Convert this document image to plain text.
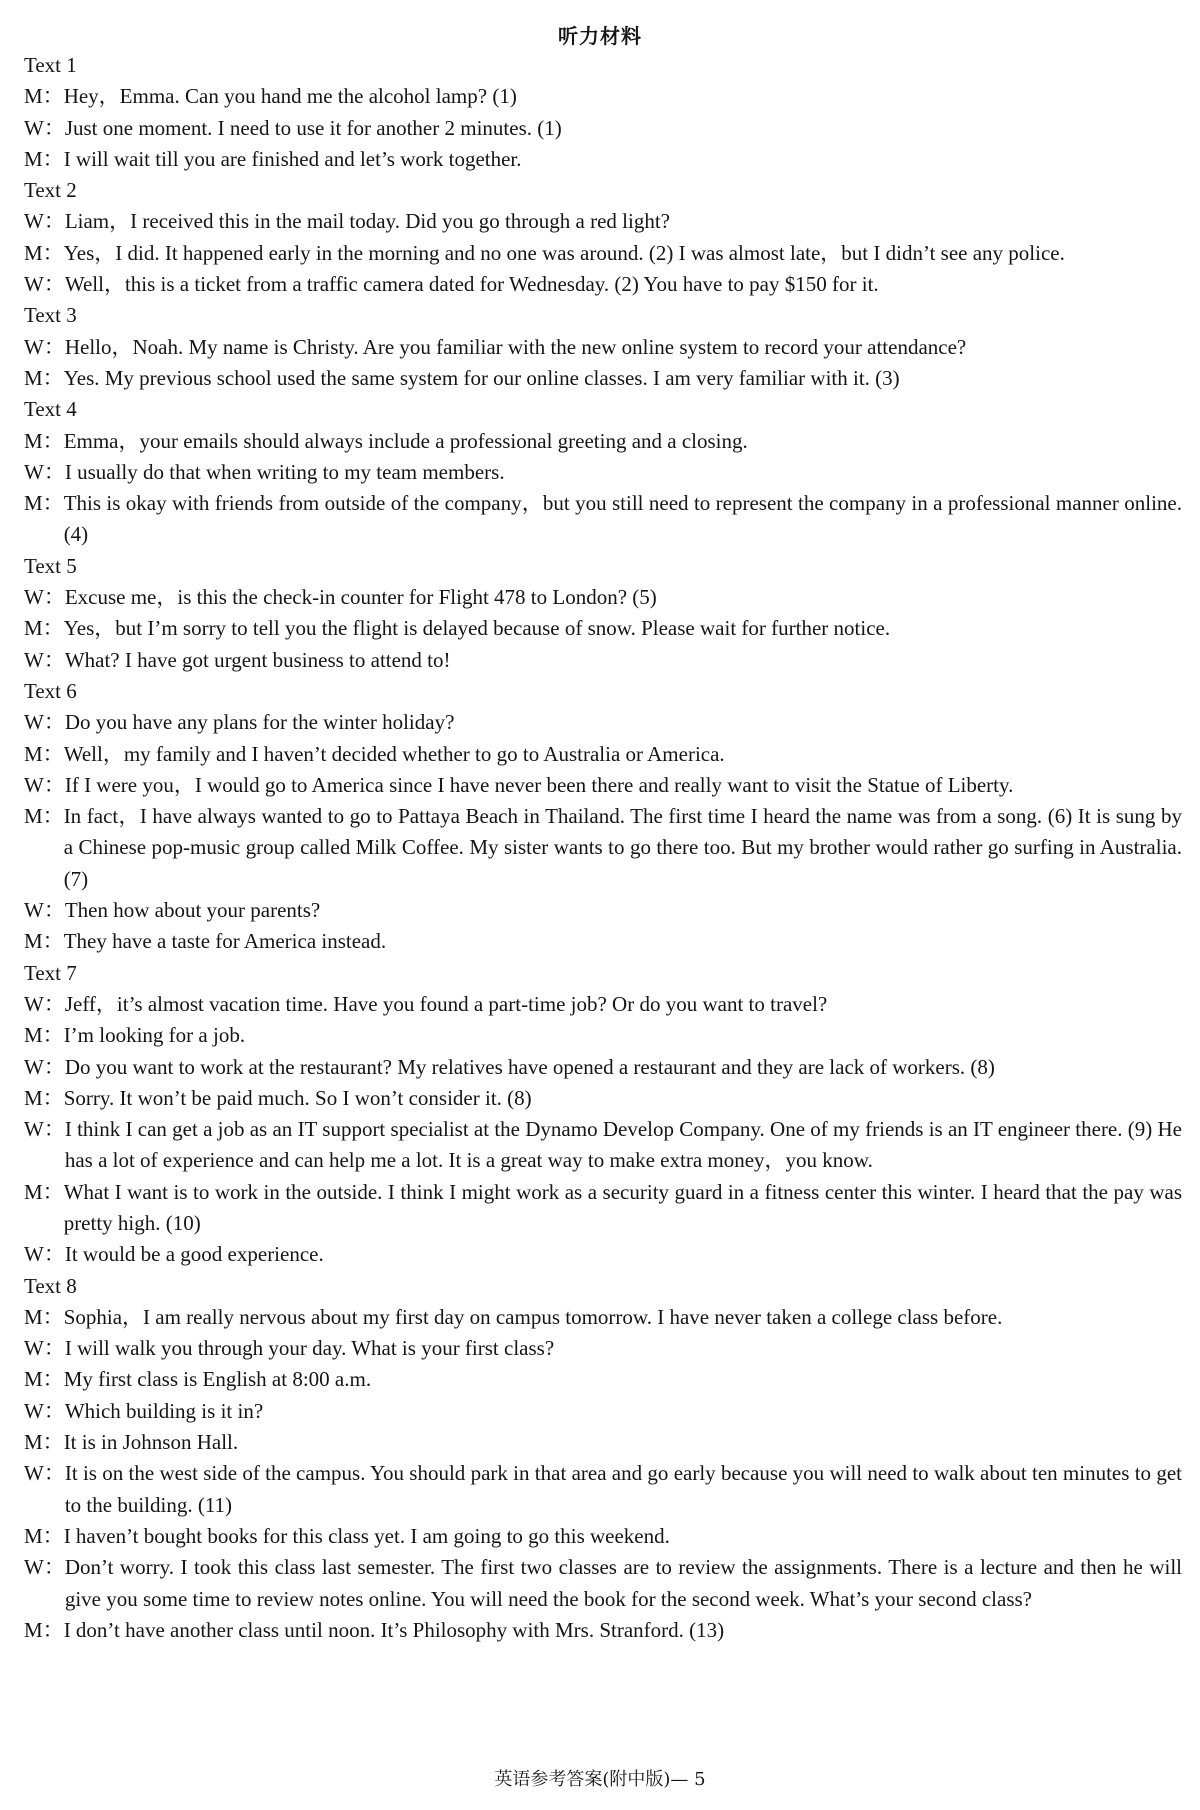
听力材料
Text 1
M： Hey，Emma. Can you hand me the alcohol lamp? (1)
W： Just one moment. I need to use it for another 2 minutes. (1)
M： I will wait till you are finished and let’s work together.
Text 2
W： Liam，I received this in the mail today. Did you go through a red light?
M： Yes，I did. It happened early in the morning and no one was around. (2) I was almost late，but I didn’t see any police.
W： Well，this is a ticket from a traffic camera dated for Wednesday. (2) You have to pay $150 for it.
Text 3
W： Hello，Noah. My name is Christy. Are you familiar with the new online system to record your attendance?
M： Yes. My previous school used the same system for our online classes. I am very familiar with it. (3)
Text 4
M： Emma，your emails should always include a professional greeting and a closing.
W： I usually do that when writing to my team members.
M： This is okay with friends from outside of the company，but you still need to represent the company in a professional manner online. (4)
Text 5
W： Excuse me，is this the check-in counter for Flight 478 to London? (5)
M： Yes，but I’m sorry to tell you the flight is delayed because of snow. Please wait for further notice.
W： What? I have got urgent business to attend to!
Text 6
W： Do you have any plans for the winter holiday?
M： Well，my family and I haven’t decided whether to go to Australia or America.
W： If I were you，I would go to America since I have never been there and really want to visit the Statue of Liberty.
M： In fact，I have always wanted to go to Pattaya Beach in Thailand. The first time I heard the name was from a song. (6) It is sung by a Chinese pop-music group called Milk Coffee. My sister wants to go there too. But my brother would rather go surfing in Australia. (7)
W： Then how about your parents?
M： They have a taste for America instead.
Text 7
W： Jeff，it’s almost vacation time. Have you found a part-time job? Or do you want to travel?
M： I’m looking for a job.
W： Do you want to work at the restaurant? My relatives have opened a restaurant and they are lack of workers. (8)
M： Sorry. It won’t be paid much. So I won’t consider it. (8)
W： I think I can get a job as an IT support specialist at the Dynamo Develop Company. One of my friends is an IT engineer there. (9) He has a lot of experience and can help me a lot. It is a great way to make extra money，you know.
M： What I want is to work in the outside. I think I might work as a security guard in a fitness center this winter. I heard that the pay was pretty high. (10)
W： It would be a good experience.
Text 8
M： Sophia，I am really nervous about my first day on campus tomorrow. I have never taken a college class before.
W： I will walk you through your day. What is your first class?
M： My first class is English at 8:00 a.m.
W： Which building is it in?
M： It is in Johnson Hall.
W： It is on the west side of the campus. You should park in that area and go early because you will need to walk about ten minutes to get to the building. (11)
M： I haven’t bought books for this class yet. I am going to go this weekend.
W： Don’t worry. I took this class last semester. The first two classes are to review the assignments. There is a lecture and then he will give you some time to review notes online. You will need the book for the second week. What’s your second class?
M： I don’t have another class until noon. It’s Philosophy with Mrs. Stranford. (13)
英语参考答案(附中版)— 5
